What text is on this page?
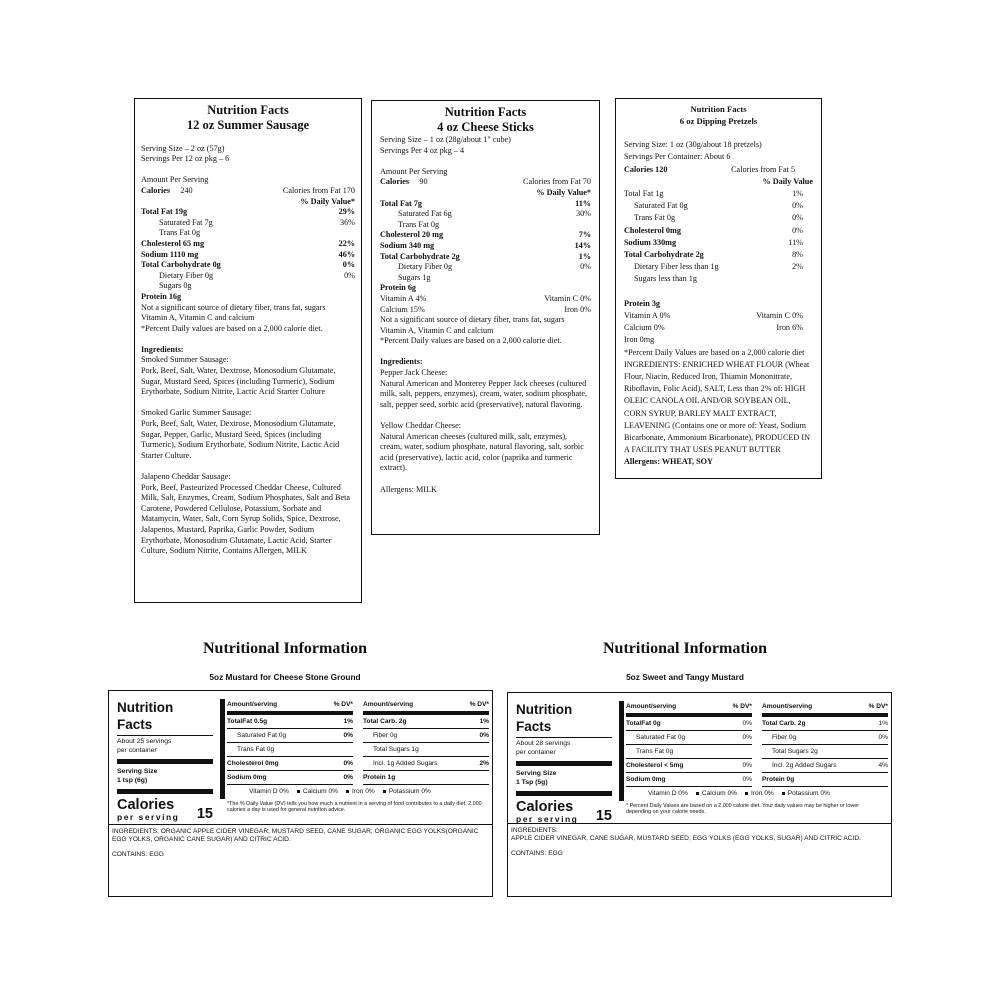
Nutrition Facts
12 oz Summer Sausage
Serving Size – 2 oz (57g)
Servings Per 12 oz pkg – 6
Amount Per Serving
Calories 240	Calories from Fat 170
% Daily Value*
Total Fat 19g	29%
Saturated Fat 7g	36%
Trans Fat 0g
Cholesterol 65 mg	22%
Sodium 1110 mg	46%
Total Carbohydrate 0g	0%
Dietary Fiber 0g	0%
Sugars 0g
Protein 16g
Not a significant source of dietary fiber, trans fat, sugars
Vitamin A, Vitamin C and calcium
*Percent Daily values are based on a 2,000 calorie diet.
Ingredients:
Smoked Summer Sausage:
Pork, Beef, Salt, Water, Dextrose, Monosodium Glutamate, Sugar, Mustard Seed, Spices (including Turmeric), Sodium Erythorbate, Sodium Nitrite, Lactic Acid Starter Culture
Smoked Garlic Summer Sausage:
Pork, Beef, Salt, Water, Dextrose, Monosodium Glutamate, Sugar, Pepper, Garlic, Mustard Seed, Spices (including Turmeric), Sodium Erythorbate, Sodium Nitrite, Lactic Acid Starter Culture.
Jalapeno Cheddar Sausage:
Pork, Beef, Pasteurized Processed Cheddar Cheese, Cultured Milk, Salt, Enzymes, Cream, Sodium Phosphates, Salt and Beta Carotene, Powdered Cellulose, Potassium, Sorbate and Matamycin, Water, Salt, Corn Syrup Solids, Spice, Dextrose, Jalapenos, Mustard, Paprika, Garlic Powder, Sodium Erythorbate, Monosodium Glutamate, Lactic Acid, Starter Culture, Sodium Nitrite, Contains Allergen, MILK
Nutrition Facts
4 oz Cheese Sticks
Serving Size – 1 oz (28g/about 1" cube)
Servings Per 4 oz pkg – 4
Amount Per Serving
Calories 90	Calories from Fat 70
% Daily Value*
Total Fat 7g	11%
Saturated Fat 6g	30%
Trans Fat 0g
Cholesterol 20 mg	7%
Sodium 340 mg	14%
Total Carbohydrate 2g	1%
Dietary Fiber 0g	0%
Sugars 1g
Protein 6g
Vitamin A 4%	Vitamin C 0%
Calcium 15%	Iron 0%
Not a significant source of dietary fiber, trans fat, sugars
Vitamin A, Vitamin C and calcium
*Percent Daily values are based on a 2,000 calorie diet.
Ingredients:
Pepper Jack Cheese:
Natural American and Monterey Pepper Jack cheeses (cultured milk, salt, peppers, enzymes), cream, water, sodium phosphate, salt, pepper seed, sorbic acid (preservative), natural flavoring.
Yellow Cheddar Cheese:
Natural American cheeses (cultured milk, salt, enzymes), cream, water, sodium phosphate, natural flavoring, salt, sorbic acid (preservative), lactic acid, color (paprika and turmeric extract).
Allergens: MILK
Nutrition Facts
6 oz Dipping Pretzels
Serving Size: 1 oz (30g/about 18 pretzels)
Servings Per Container: About 6
Calories 120	Calories from Fat 5
% Daily Value
Total Fat 1g	1%
Saturated Fat 0g	0%
Trans Fat 0g	0%
Cholesterol 0mg	0%
Sodium 330mg	11%
Total Carbohydrate 2g	8%
Dietary Fiber less than 1g	2%
Sugars less than 1g
Protein 3g
Vitamin A 0%	Vitamin C 0%
Calcium 0%	Iron 6%
Iron 0mg
*Percent Daily Values are based on a 2,000 calorie diet
INGREDIENTS: ENRICHED WHEAT FLOUR (Wheat Flour, Niacin, Reduced Iron, Thiamin Mononitrate, Riboflavin, Folic Acid), SALT, Less than 2% of: HIGH OLEIC CANOLA OIL AND/OR SOYBEAN OIL, CORN SYRUP, BARLEY MALT EXTRACT, LEAVENING (Contains one or more of: Yeast, Sodium Bicarbonate, Ammonium Bicarbonate), PRODUCED IN A FACILITY THAT USES PEANUT BUTTER
Allergens: WHEAT, SOY
Nutritional Information
5oz Mustard for Cheese Stone Ground
Nutritional Information
5oz Sweet and Tangy Mustard
Nutrition
Facts
About 25 servings
per container
Serving Size
1 tsp (6g)
Calories
per serving 15
Amount/serving	% DV*
TotalFat 0.5g	1%
Saturated Fat 0g	0%
Trans Fat 0g
Cholesterol 0mg	0%
Sodium 0mg	0%
Amount/serving	% DV*
Total Carb. 2g	1%
Fiber 0g	0%
Total Sugars 1g
Incl. 1g Added Sugars	2%
Protein 1g
Vitamin D 0% Calcium 0% Iron 0% Potassium 0%
*The % Daily Value (DV) tells you how much a nutrient in a serving of food contributes to a daily diet. 2,000 calories a day is used for general nutrition advice.
INGREDIENTS: ORGANIC APPLE CIDER VINEGAR, MUSTARD SEED, CANE SUGAR, ORGANIC EGG YOLKS(ORGANIC EGG YOLKS, ORGANIC CANE SUGAR) AND CITRIC ACID.
CONTAINS: EGG
Nutrition
Facts
About 28 servings
per container
Serving Size
1 Tsp (5g)
Calories
per serving 15
Amount/serving	% DV*
TotalFat 0g	0%
Saturated Fat 0g	0%
Trans Fat 0g
Cholesterol < 5mg	0%
Sodium 0mg	0%
Amount/serving	% DV*
Total Carb. 2g	1%
Fiber 0g	0%
Total Sugars 2g
Incl. 2g Added Sugars	4%
Protein 0g
Vitamin D 0% Calcium 0% Iron 0% Potassium 0%
* Percent Daily Values are based on a 2,000 calorie diet. Your daily values may be higher or lower depending on your calorie needs.
INGREDIENTS:
APPLE CIDER VINEGAR, CANE SUGAR, MUSTARD SEED, EGG YOLKS (EGG YOLKS, SUGAR) AND CITRIC ACID.
CONTAINS: EGG
